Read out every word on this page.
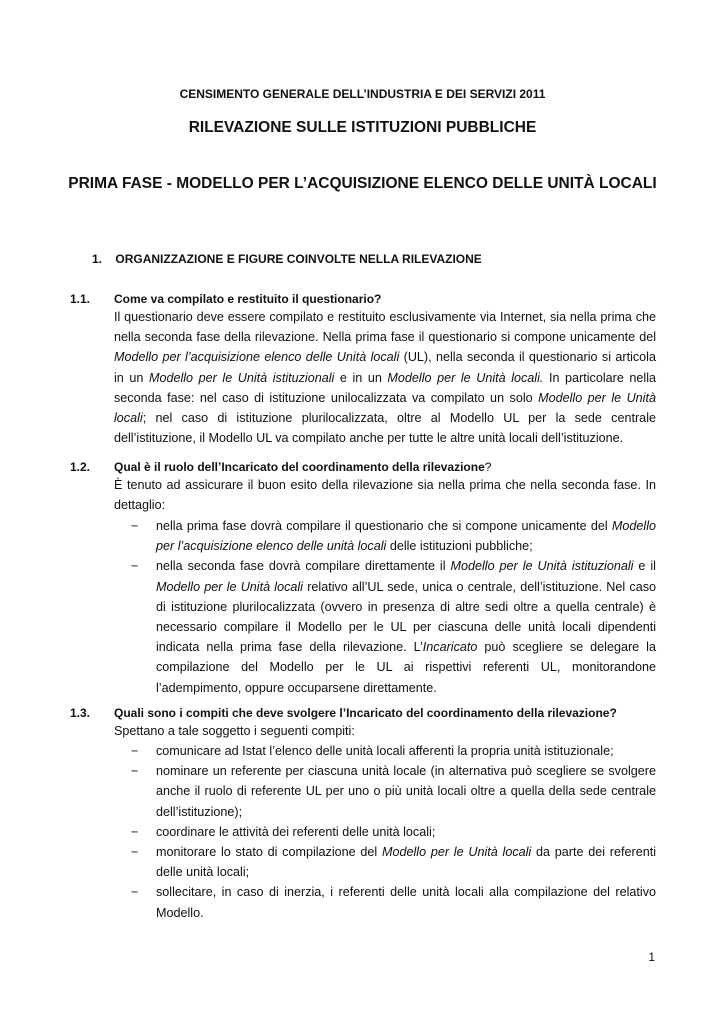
CENSIMENTO GENERALE DELL’INDUSTRIA E DEI SERVIZI 2011
RILEVAZIONE SULLE ISTITUZIONI PUBBLICHE
PRIMA FASE - MODELLO PER L’ACQUISIZIONE ELENCO DELLE UNITÀ LOCALI
1. ORGANIZZAZIONE E FIGURE COINVOLTE NELLA RILEVAZIONE
1.1. Come va compilato e restituito il questionario?

Il questionario deve essere compilato e restituito esclusivamente via Internet, sia nella prima che nella seconda fase della rilevazione. Nella prima fase il questionario si compone unicamente del Modello per l’acquisizione elenco delle Unità locali (UL), nella seconda il questionario si articola in un Modello per le Unità istituzionali e in un Modello per le Unità locali. In particolare nella seconda fase: nel caso di istituzione unilocalizzata va compilato un solo Modello per le Unità locali; nel caso di istituzione plurilocalizzata, oltre al Modello UL per la sede centrale dell’istituzione, il Modello UL va compilato anche per tutte le altre unità locali dell’istituzione.

1.2. Qual è il ruolo dell’Incaricato del coordinamento della rilevazione?

È tenuto ad assicurare il buon esito della rilevazione sia nella prima che nella seconda fase. In dettaglio:

− nella prima fase dovrà compilare il questionario che si compone unicamente del Modello per l’acquisizione elenco delle unità locali delle istituzioni pubbliche;
− nella seconda fase dovrà compilare direttamente il Modello per le Unità istituzionali e il Modello per le Unità locali relativo all’UL sede, unica o centrale, dell’istituzione. Nel caso di istituzione plurilocalizzata (ovvero in presenza di altre sedi oltre a quella centrale) è necessario compilare il Modello per le UL per ciascuna delle unità locali dipendenti indicata nella prima fase della rilevazione. L’Incaricato può scegliere se delegare la compilazione del Modello per le UL ai rispettivi referenti UL, monitorandone l’adempimento, oppure occuparsene direttamente.
1.3. Quali sono i compiti che deve svolgere l’Incaricato del coordinamento della rilevazione?

Spettano a tale soggetto i seguenti compiti:

− comunicare ad Istat l’elenco delle unità locali afferenti la propria unità istituzionale;
− nominare un referente per ciascuna unità locale (in alternativa può scegliere se svolgere anche il ruolo di referente UL per uno o più unità locali oltre a quella della sede centrale dell’istituzione);
− coordinare le attività dei referenti delle unità locali;
− monitorare lo stato di compilazione del Modello per le Unità locali da parte dei referenti delle unità locali;
− sollecitare, in caso di inerzia, i referenti delle unità locali alla compilazione del relativo Modello.
1
